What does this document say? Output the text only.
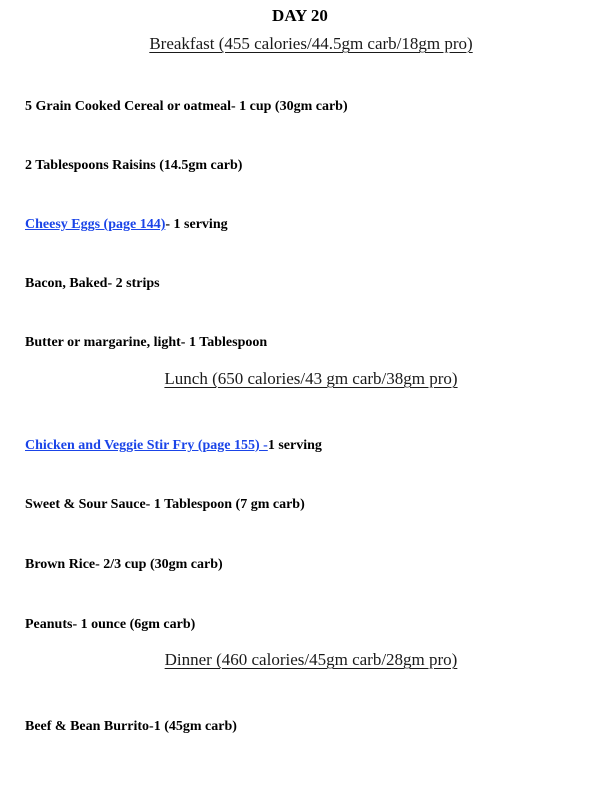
DAY 20
Breakfast (455 calories/44.5gm carb/18gm pro)
5 Grain Cooked Cereal or oatmeal- 1 cup (30gm carb)
2 Tablespoons Raisins (14.5gm carb)
Cheesy Eggs (page 144)- 1 serving
Bacon, Baked- 2 strips
Butter or margarine, light- 1 Tablespoon
Lunch (650 calories/43 gm carb/38gm pro)
Chicken and Veggie Stir Fry (page 155) -1 serving
Sweet & Sour Sauce- 1 Tablespoon (7 gm carb)
Brown Rice- 2/3 cup (30gm carb)
Peanuts- 1 ounce (6gm carb)
Dinner (460 calories/45gm carb/28gm pro)
Beef & Bean Burrito-1 (45gm carb)
